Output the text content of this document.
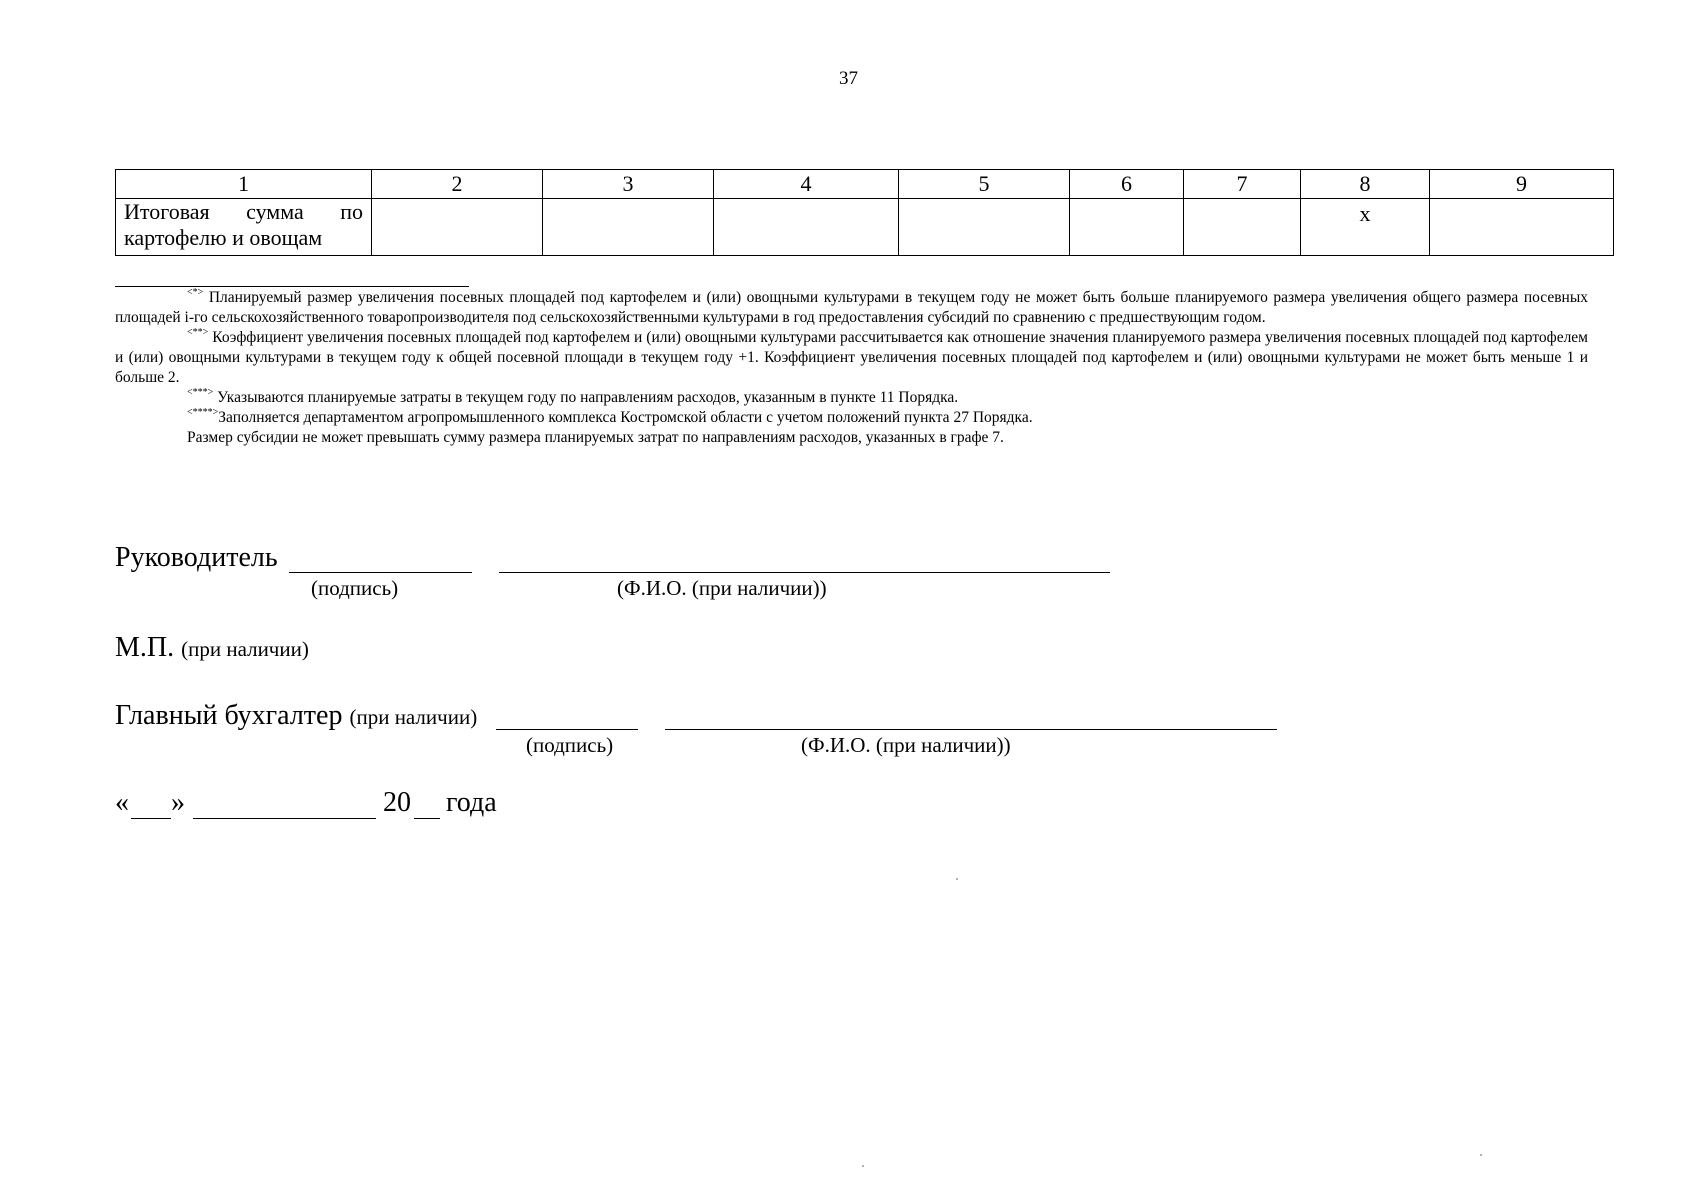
37
1	2	3	4	5	6	7	8	9
Итоговая сумма по картофелю и овощам							x	

<*> Планируемый размер увеличения посевных площадей под картофелем и (или) овощными культурами в текущем году не может быть больше планируемого размера увеличения общего размера посевных площадей i-го сельскохозяйственного товаропроизводителя под сельскохозяйственными культурами в год предоставления субсидий по сравнению с предшествующим годом.

<**> Коэффициент увеличения посевных площадей под картофелем и (или) овощными культурами рассчитывается как отношение значения планируемого размера увеличения посевных площадей под картофелем и (или) овощными культурами в текущем году к общей посевной площади в текущем году +1. Коэффициент увеличения посевных площадей под картофелем и (или) овощными культурами не может быть меньше 1 и больше 2.

<***> Указываются планируемые затраты в текущем году по направлениям расходов, указанным в пункте 11 Порядка.

<****>Заполняется департаментом агропромышленного комплекса Костромской области с учетом положений пункта 27 Порядка.

Размер субсидии не может превышать сумму размера планируемых затрат по направлениям расходов, указанных в графе 7.

Руководитель
(подпись)	(Ф.И.О. (при наличии))
М.П. (при наличии)
Главный бухгалтер (при наличии)
(подпись)	(Ф.И.О. (при наличии))
« »	20 года
